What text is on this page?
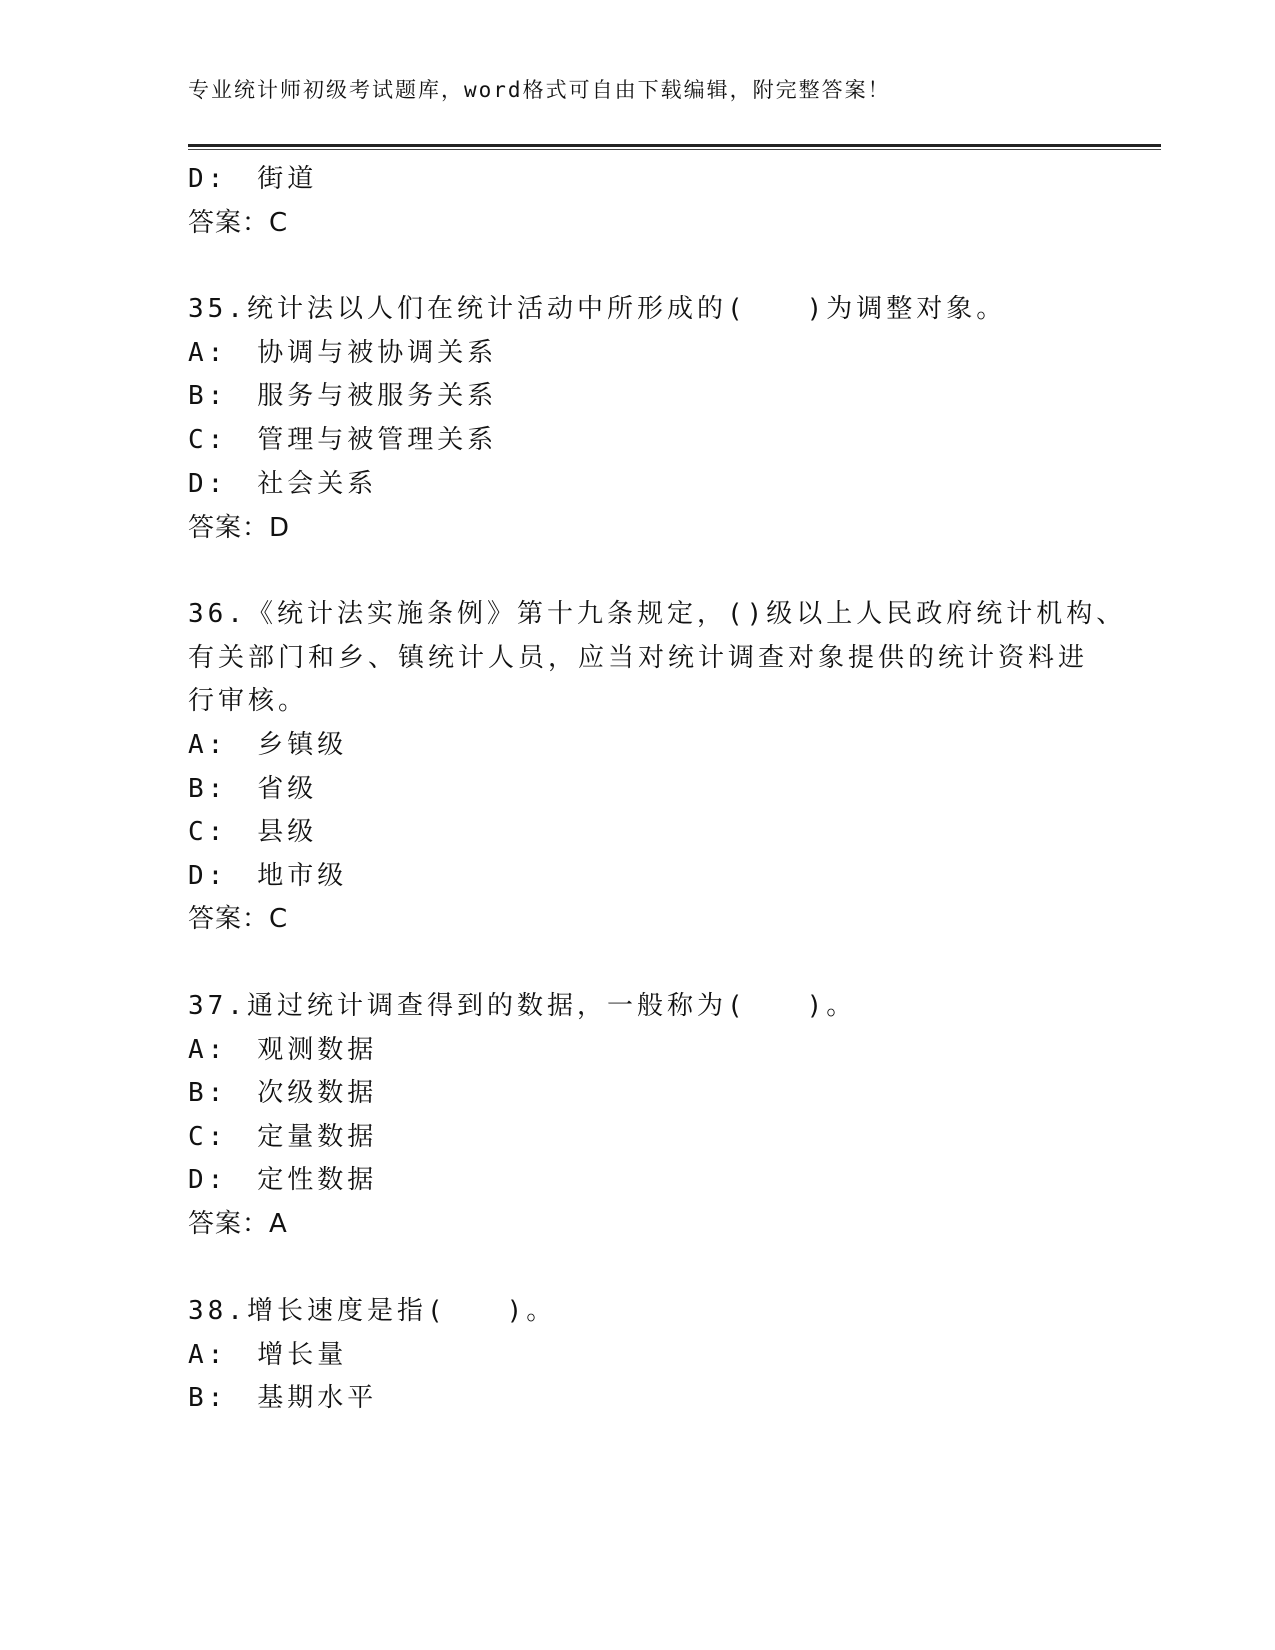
专业统计师初级考试题库，word格式可自由下载编辑，附完整答案！
D:　街道
答案：C
35.统计法以人们在统计活动中所形成的(　　)为调整对象。
A:　协调与被协调关系
B:　服务与被服务关系
C:　管理与被管理关系
D:　社会关系
答案：D
36.《统计法实施条例》第十九条规定，()级以上人民政府统计机构、
有关部门和乡、镇统计人员，应当对统计调查对象提供的统计资料进
行审核。
A:　乡镇级
B:　省级
C:　县级
D:　地市级
答案：C
37.通过统计调查得到的数据，一般称为(　　)。
A:　观测数据
B:　次级数据
C:　定量数据
D:　定性数据
答案：A
38.增长速度是指(　　)。
A:　增长量
B:　基期水平
